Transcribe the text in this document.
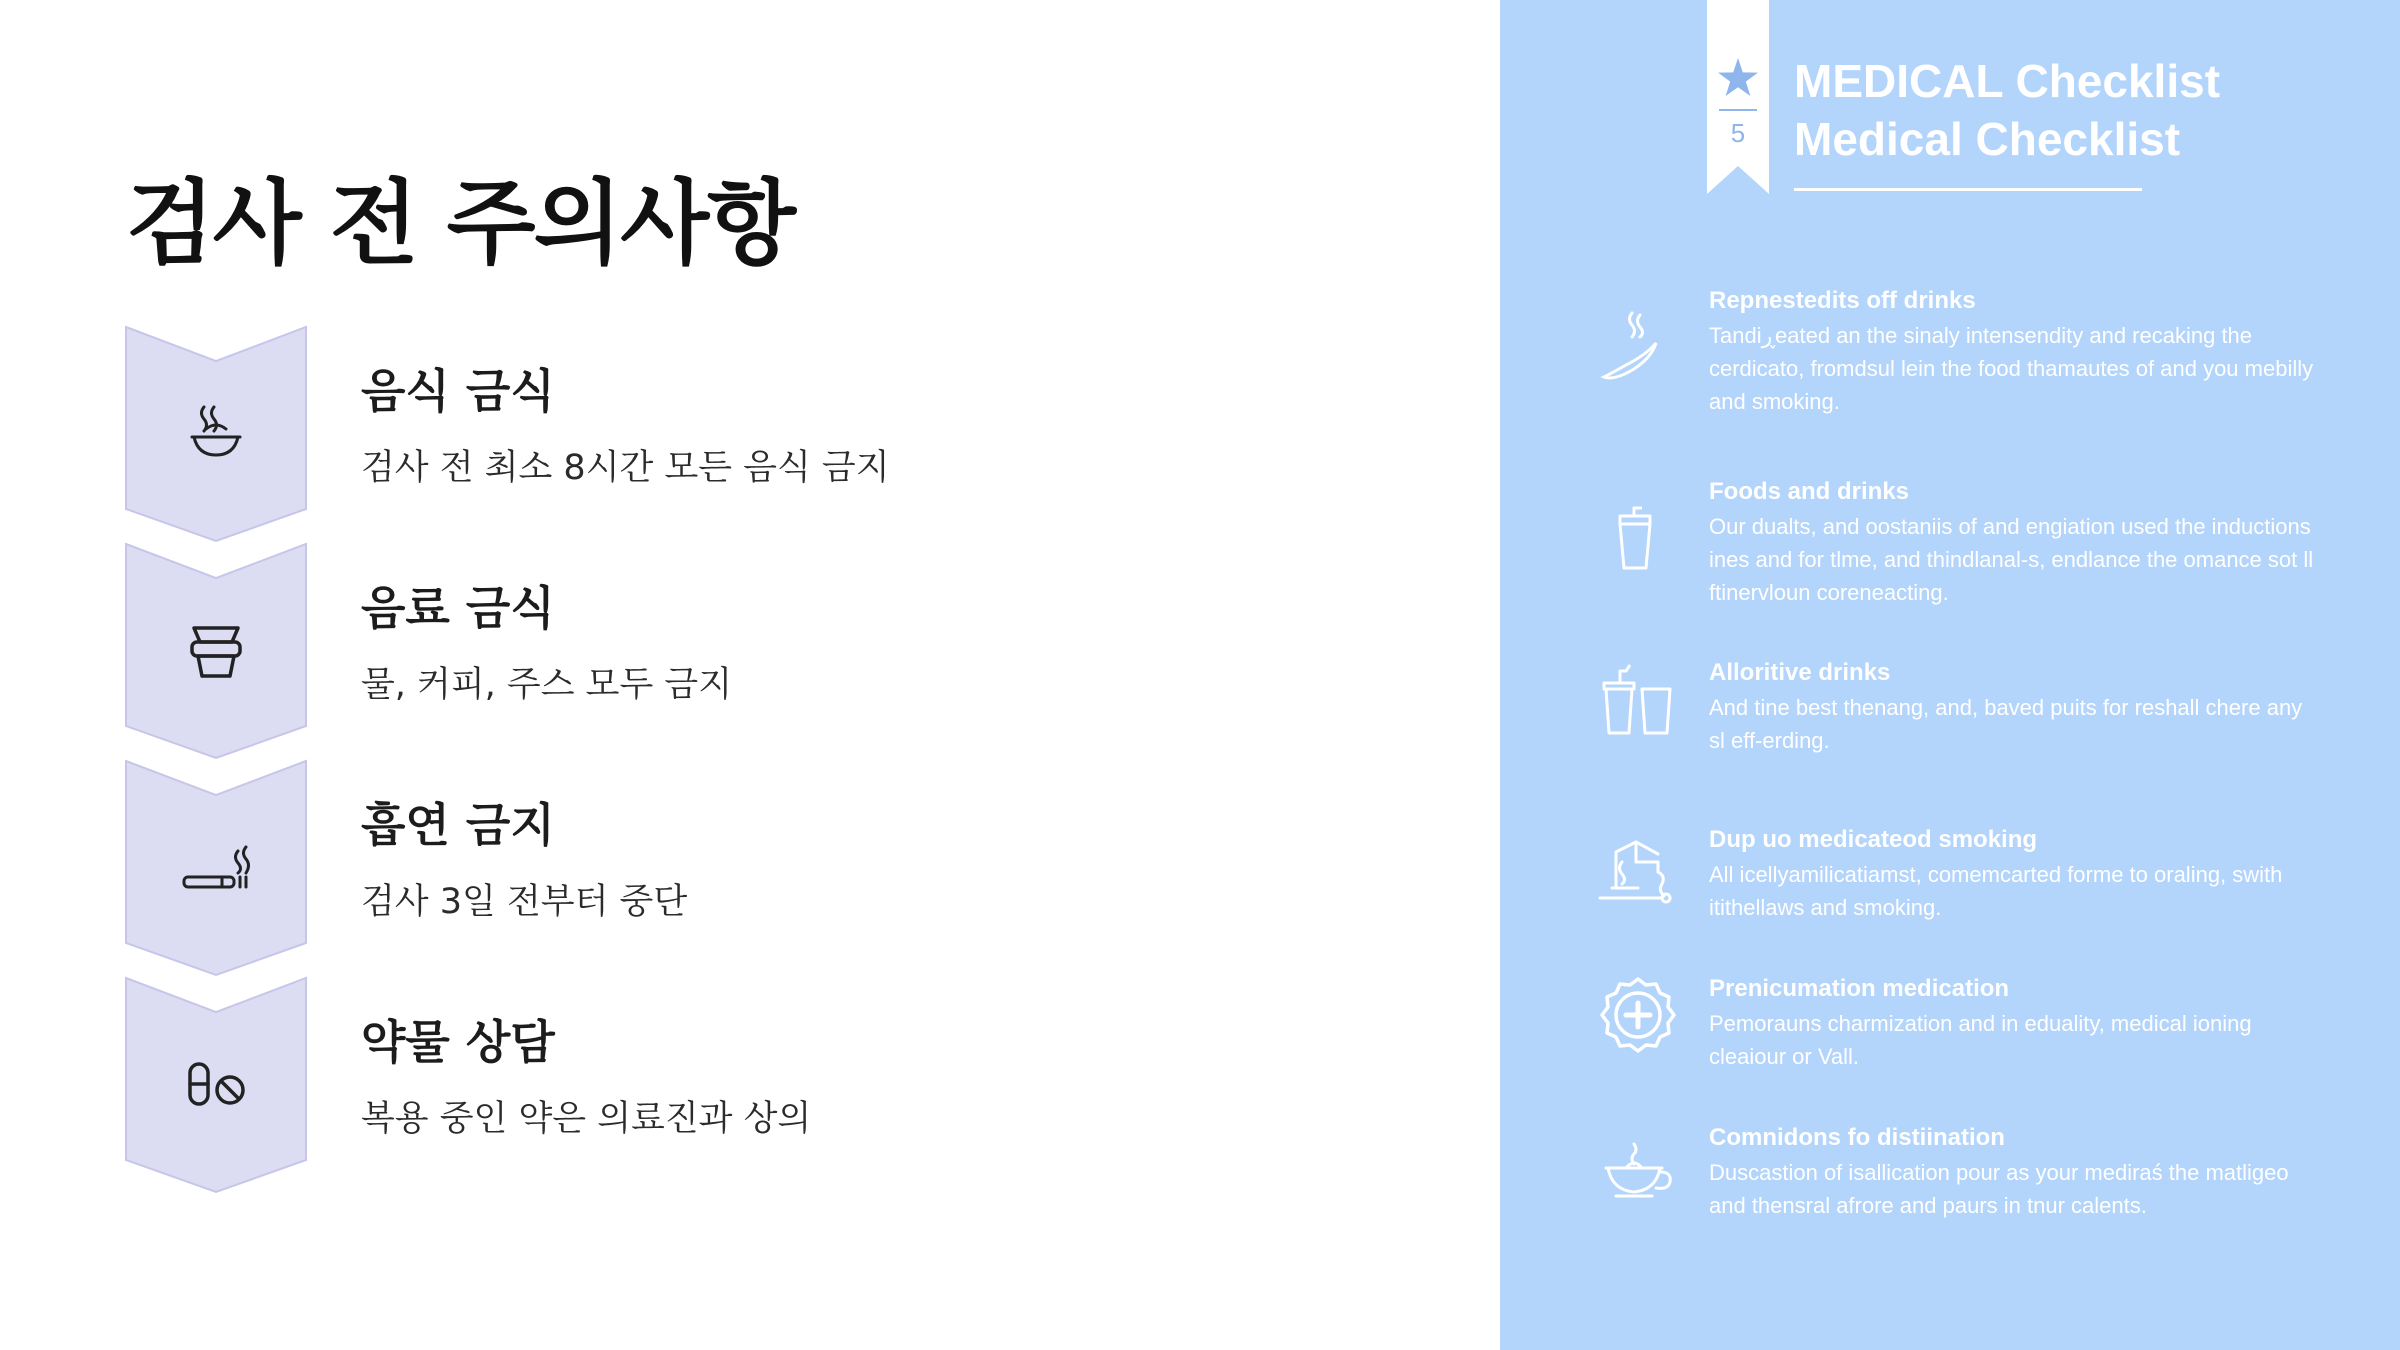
검사 전 주의사항
음식 금식

검사 전 최소 8시간 모든 음식 금지

음료 금식

물, 커피, 주스 모두 금지

흡연 금지

검사 3일 전부터 중단

약물 상담

복용 중인 약은 의료진과 상의

5
MEDICAL Checklist
Medical Checklist

Repnestedits off drinks

Tandiڕeated an the sinaly intensendity and recaking the cerdicato, fromdsul lein the food thamautes of and you mebilly and smoking.

Foods and drinks

Our dualts, and oostaniis of and engiation used the inductions ines and for tlme, and thindlanal-s, endlance the omance sot ll ftinervloun coreneacting.

Alloritive drinks

And tine best thenang, and, baved puits for reshall chere any sl eff-erding.

Dup uo medicateod smoking

All icellyamilicatiamst, comemcarted forme to oraling, swith itithellaws and smoking.

Prenicumation medication

Pemorauns charmization and in eduality, medical ioning cleaiour or Vall.

Comnidons fo distiination

Duscastion of isallication pour as your mediraś the matligeo and thensral afrore and paurs in tnur calents.
